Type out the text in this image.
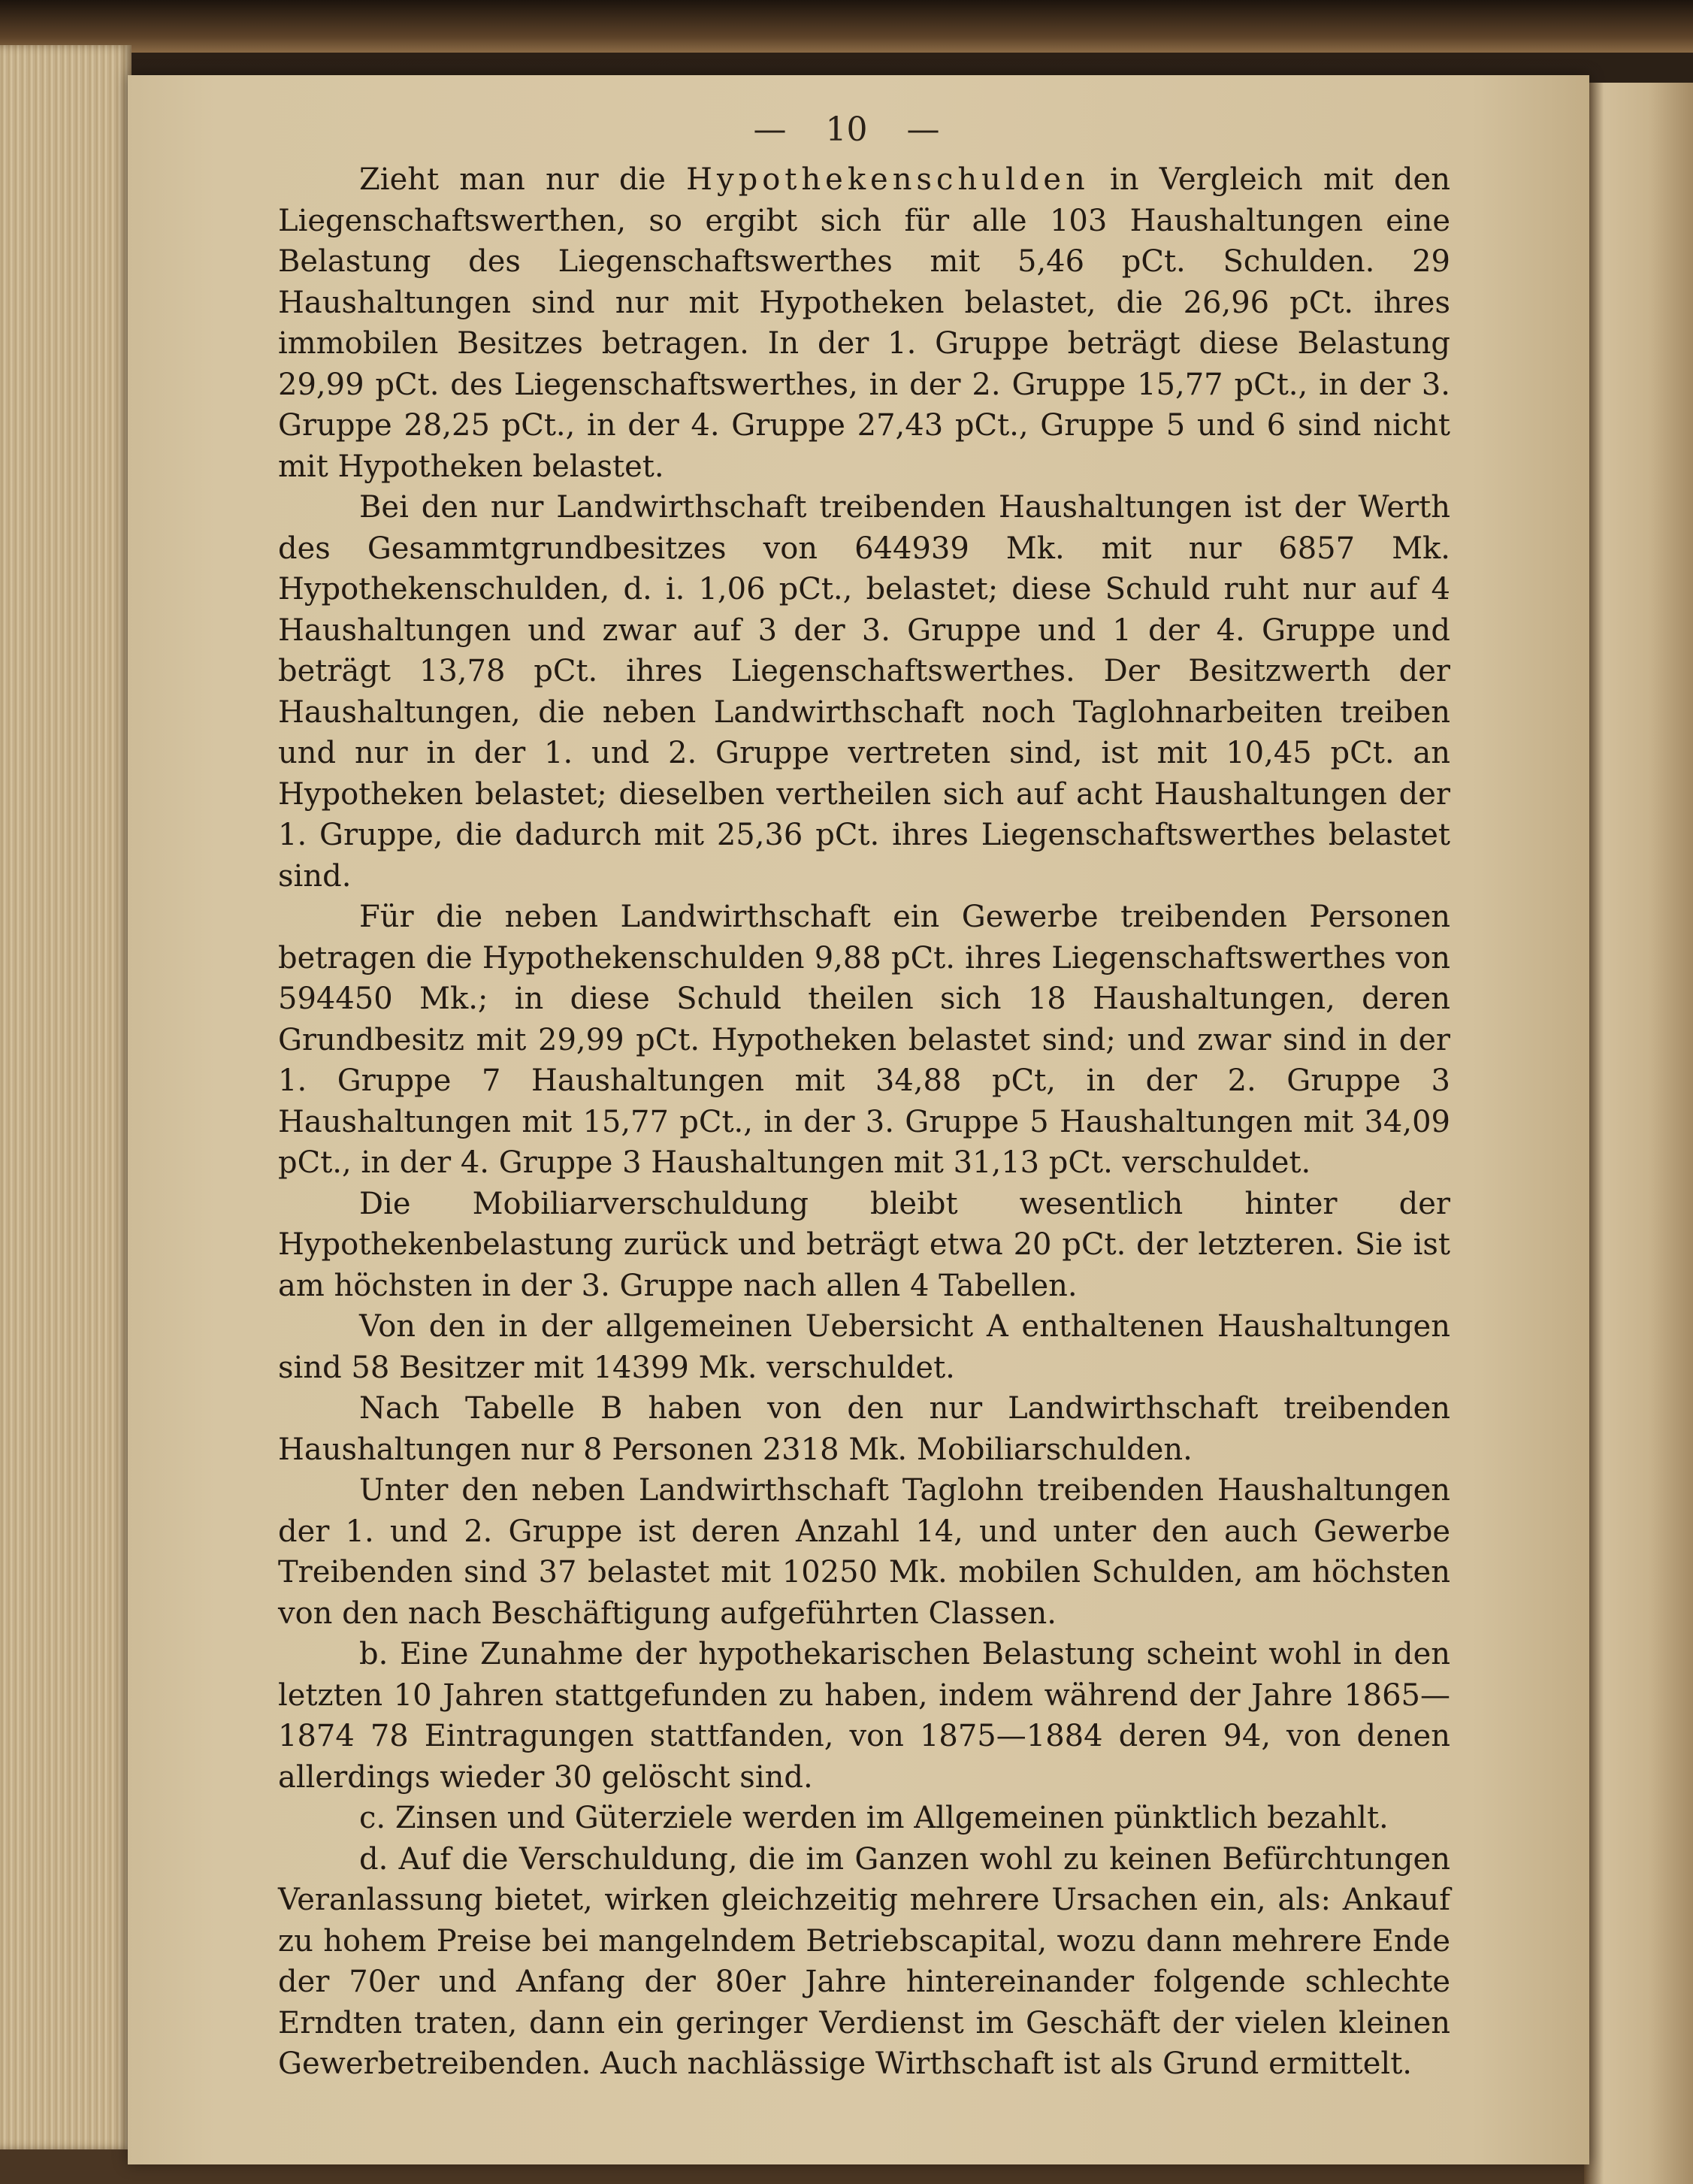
— 10 —

Zieht man nur die Hypothekenschulden in Vergleich mit den Liegenschaftswerthen, so ergibt sich für alle 103 Haushaltungen eine Belastung des Liegenschaftswerthes mit 5,46 pCt. Schulden. 29 Haushaltungen sind nur mit Hypotheken belastet, die 26,96 pCt. ihres immobilen Besitzes betragen. In der 1. Gruppe beträgt diese Belastung 29,99 pCt. des Liegenschaftswerthes, in der 2. Gruppe 15,77 pCt., in der 3. Gruppe 28,25 pCt., in der 4. Gruppe 27,43 pCt., Gruppe 5 und 6 sind nicht mit Hypotheken belastet.

Bei den nur Landwirthschaft treibenden Haushaltungen ist der Werth des Gesammtgrundbesitzes von 644939 Mk. mit nur 6857 Mk. Hypothekenschulden, d. i. 1,06 pCt., belastet; diese Schuld ruht nur auf 4 Haushaltungen und zwar auf 3 der 3. Gruppe und 1 der 4. Gruppe und beträgt 13,78 pCt. ihres Liegenschaftswerthes. Der Besitzwerth der Haushaltungen, die neben Landwirthschaft noch Taglohnarbeiten treiben und nur in der 1. und 2. Gruppe vertreten sind, ist mit 10,45 pCt. an Hypotheken belastet; dieselben vertheilen sich auf acht Haushaltungen der 1. Gruppe, die dadurch mit 25,36 pCt. ihres Liegenschaftswerthes belastet sind.

Für die neben Landwirthschaft ein Gewerbe treibenden Personen betragen die Hypothekenschulden 9,88 pCt. ihres Liegenschaftswerthes von 594450 Mk.; in diese Schuld theilen sich 18 Haushaltungen, deren Grundbesitz mit 29,99 pCt. Hypotheken belastet sind; und zwar sind in der 1. Gruppe 7 Haushaltungen mit 34,88 pCt, in der 2. Gruppe 3 Haushaltungen mit 15,77 pCt., in der 3. Gruppe 5 Haushaltungen mit 34,09 pCt., in der 4. Gruppe 3 Haushaltungen mit 31,13 pCt. verschuldet.

Die Mobiliarverschuldung bleibt wesentlich hinter der Hypothekenbelastung zurück und beträgt etwa 20 pCt. der letzteren. Sie ist am höchsten in der 3. Gruppe nach allen 4 Tabellen.

Von den in der allgemeinen Uebersicht A enthaltenen Haushaltungen sind 58 Besitzer mit 14399 Mk. verschuldet.

Nach Tabelle B haben von den nur Landwirthschaft treibenden Haushaltungen nur 8 Personen 2318 Mk. Mobiliarschulden.

Unter den neben Landwirthschaft Taglohn treibenden Haushaltungen der 1. und 2. Gruppe ist deren Anzahl 14, und unter den auch Gewerbe Treibenden sind 37 belastet mit 10250 Mk. mobilen Schulden, am höchsten von den nach Beschäftigung aufgeführten Classen.

b. Eine Zunahme der hypothekarischen Belastung scheint wohl in den letzten 10 Jahren stattgefunden zu haben, indem während der Jahre 1865—1874 78 Eintragungen stattfanden, von 1875—1884 deren 94, von denen allerdings wieder 30 gelöscht sind.

c. Zinsen und Güterziele werden im Allgemeinen pünktlich bezahlt.

d. Auf die Verschuldung, die im Ganzen wohl zu keinen Befürchtungen Veranlassung bietet, wirken gleichzeitig mehrere Ursachen ein, als: Ankauf zu hohem Preise bei mangelndem Betriebscapital, wozu dann mehrere Ende der 70er und Anfang der 80er Jahre hintereinander folgende schlechte Erndten traten, dann ein geringer Verdienst im Geschäft der vielen kleinen Gewerbetreibenden. Auch nachlässige Wirthschaft ist als Grund ermittelt.
